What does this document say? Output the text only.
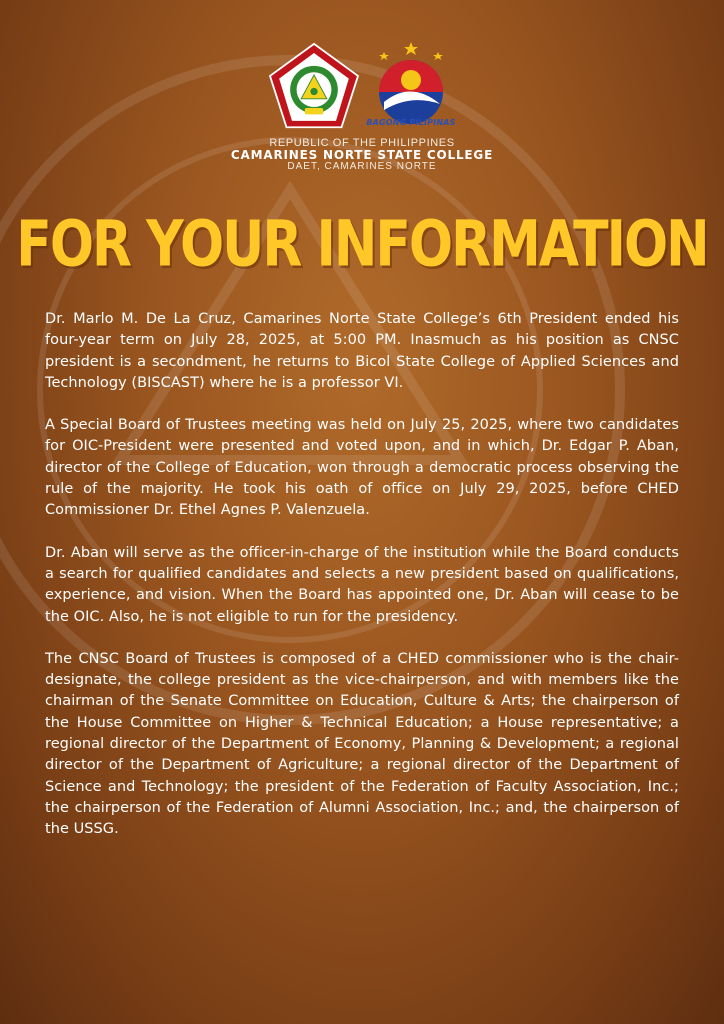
BAGONG PILIPINAS
REPUBLIC OF THE PHILIPPINES
CAMARINES NORTE STATE COLLEGE
DAET, CAMARINES NORTE
FOR YOUR INFORMATION

Dr. Marlo M. De La Cruz, Camarines Norte State College’s 6th President ended his four-year term on July 28, 2025, at 5:00 PM. Inasmuch as his position as CNSC president is a secondment, he returns to Bicol State College of Applied Sciences and Technology (BISCAST) where he is a professor VI.

A Special Board of Trustees meeting was held on July 25, 2025, where two candidates for OIC-President were presented and voted upon, and in which, Dr. Edgar P. Aban, director of the College of Education, won through a democratic process observing the rule of the majority. He took his oath of office on July 29, 2025, before CHED Commissioner Dr. Ethel Agnes P. Valenzuela.

Dr. Aban will serve as the officer-in-charge of the institution while the Board conducts a search for qualified candidates and selects a new president based on qualifications, experience, and vision. When the Board has appointed one, Dr. Aban will cease to be the OIC. Also, he is not eligible to run for the presidency.

The CNSC Board of Trustees is composed of a CHED commissioner who is the chair-designate, the college president as the vice-chairperson, and with members like the chairman of the Senate Committee on Education, Culture & Arts; the chairperson of the House Committee on Higher & Technical Education; a House representative; a regional director of the Department of Economy, Planning & Development; a regional director of the Department of Agriculture; a regional director of the Department of Science and Technology; the president of the Federation of Faculty Association, Inc.; the chairperson of the Federation of Alumni Association, Inc.; and, the chairperson of the USSG.
